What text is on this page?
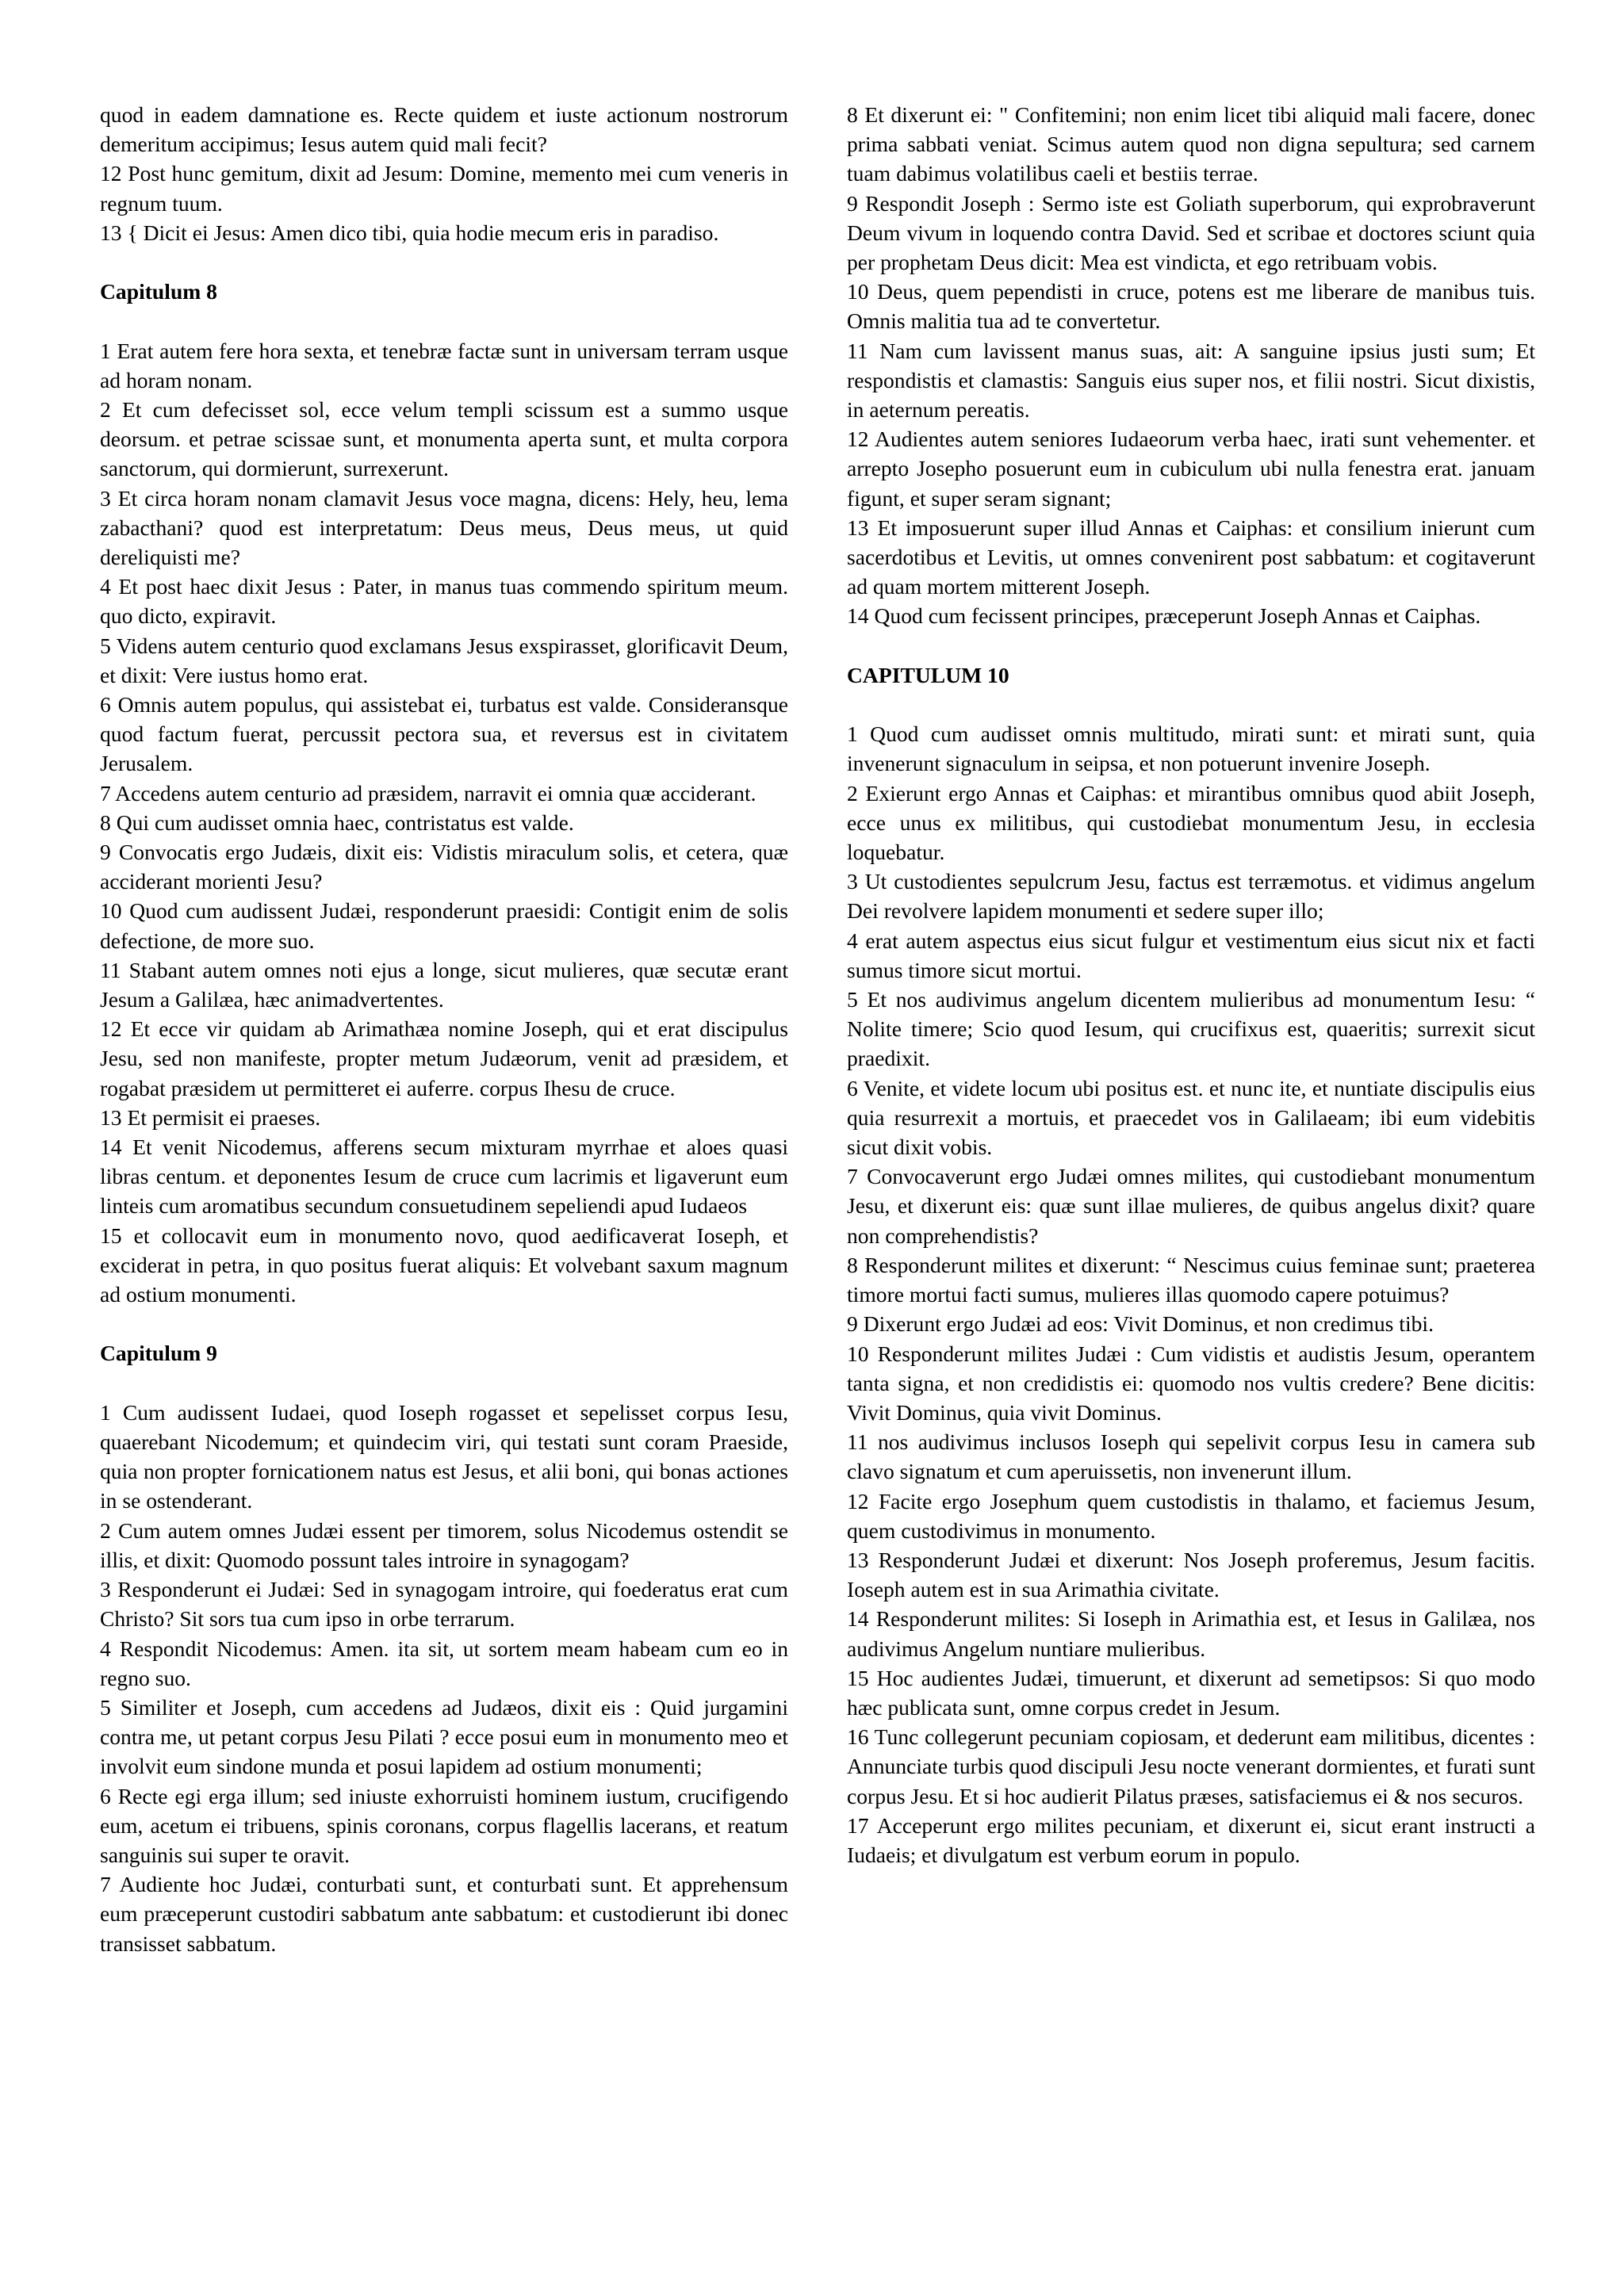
quod in eadem damnatione es. Recte quidem et iuste actionum nostrorum demeritum accipimus; Iesus autem quid mali fecit?

12 Post hunc gemitum, dixit ad Jesum: Domine, memento mei cum veneris in regnum tuum.

13 { Dicit ei Jesus: Amen dico tibi, quia hodie mecum eris in paradiso.

Capitulum 8

1 Erat autem fere hora sexta, et tenebræ factæ sunt in universam terram usque ad horam nonam.

2 Et cum defecisset sol, ecce velum templi scissum est a summo usque deorsum. et petrae scissae sunt, et monumenta aperta sunt, et multa corpora sanctorum, qui dormierunt, surrexerunt.

3 Et circa horam nonam clamavit Jesus voce magna, dicens: Hely, heu, lema zabacthani? quod est interpretatum: Deus meus, Deus meus, ut quid dereliquisti me?

4 Et post haec dixit Jesus : Pater, in manus tuas commendo spiritum meum. quo dicto, expiravit.

5 Videns autem centurio quod exclamans Jesus exspirasset, glorificavit Deum, et dixit: Vere iustus homo erat.

6 Omnis autem populus, qui assistebat ei, turbatus est valde. Consideransque quod factum fuerat, percussit pectora sua, et reversus est in civitatem Jerusalem.

7 Accedens autem centurio ad præsidem, narravit ei omnia quæ acciderant.

8 Qui cum audisset omnia haec, contristatus est valde.

9 Convocatis ergo Judæis, dixit eis: Vidistis miraculum solis, et cetera, quæ acciderant morienti Jesu?

10 Quod cum audissent Judæi, responderunt praesidi: Contigit enim de solis defectione, de more suo.

11 Stabant autem omnes noti ejus a longe, sicut mulieres, quæ secutæ erant Jesum a Galilæa, hæc animadvertentes.

12 Et ecce vir quidam ab Arimathæa nomine Joseph, qui et erat discipulus Jesu, sed non manifeste, propter metum Judæorum, venit ad præsidem, et rogabat præsidem ut permitteret ei auferre. corpus Ihesu de cruce.

13 Et permisit ei praeses.

14 Et venit Nicodemus, afferens secum mixturam myrrhae et aloes quasi libras centum. et deponentes Iesum de cruce cum lacrimis et ligaverunt eum linteis cum aromatibus secundum consuetudinem sepeliendi apud Iudaeos

15 et collocavit eum in monumento novo, quod aedificaverat Ioseph, et exciderat in petra, in quo positus fuerat aliquis: Et volvebant saxum magnum ad ostium monumenti.

Capitulum 9

1 Cum audissent Iudaei, quod Ioseph rogasset et sepelisset corpus Iesu, quaerebant Nicodemum; et quindecim viri, qui testati sunt coram Praeside, quia non propter fornicationem natus est Jesus, et alii boni, qui bonas actiones in se ostenderant.

2 Cum autem omnes Judæi essent per timorem, solus Nicodemus ostendit se illis, et dixit: Quomodo possunt tales introire in synagogam?

3 Responderunt ei Judæi: Sed in synagogam introire, qui foederatus erat cum Christo? Sit sors tua cum ipso in orbe terrarum.

4 Respondit Nicodemus: Amen. ita sit, ut sortem meam habeam cum eo in regno suo.

5 Similiter et Joseph, cum accedens ad Judæos, dixit eis : Quid jurgamini contra me, ut petant corpus Jesu Pilati ? ecce posui eum in monumento meo et involvit eum sindone munda et posui lapidem ad ostium monumenti;

6 Recte egi erga illum; sed iniuste exhorruisti hominem iustum, crucifigendo eum, acetum ei tribuens, spinis coronans, corpus flagellis lacerans, et reatum sanguinis sui super te oravit.

7 Audiente hoc Judæi, conturbati sunt, et conturbati sunt. Et apprehensum eum præceperunt custodiri sabbatum ante sabbatum: et custodierunt ibi donec transisset sabbatum.

8 Et dixerunt ei: " Confitemini; non enim licet tibi aliquid mali facere, donec prima sabbati veniat. Scimus autem quod non digna sepultura; sed carnem tuam dabimus volatilibus caeli et bestiis terrae.

9 Respondit Joseph : Sermo iste est Goliath superborum, qui exprobraverunt Deum vivum in loquendo contra David. Sed et scribae et doctores sciunt quia per prophetam Deus dicit: Mea est vindicta, et ego retribuam vobis.

10 Deus, quem pependisti in cruce, potens est me liberare de manibus tuis. Omnis malitia tua ad te convertetur.

11 Nam cum lavissent manus suas, ait: A sanguine ipsius justi sum; Et respondistis et clamastis: Sanguis eius super nos, et filii nostri. Sicut dixistis, in aeternum pereatis.

12 Audientes autem seniores Iudaeorum verba haec, irati sunt vehementer. et arrepto Josepho posuerunt eum in cubiculum ubi nulla fenestra erat. januam figunt, et super seram signant;

13 Et imposuerunt super illud Annas et Caiphas: et consilium inierunt cum sacerdotibus et Levitis, ut omnes convenirent post sabbatum: et cogitaverunt ad quam mortem mitterent Joseph.

14 Quod cum fecissent principes, præceperunt Joseph Annas et Caiphas.

CAPITULUM 10

1 Quod cum audisset omnis multitudo, mirati sunt: et mirati sunt, quia invenerunt signaculum in seipsa, et non potuerunt invenire Joseph.

2 Exierunt ergo Annas et Caiphas: et mirantibus omnibus quod abiit Joseph, ecce unus ex militibus, qui custodiebat monumentum Jesu, in ecclesia loquebatur.

3 Ut custodientes sepulcrum Jesu, factus est terræmotus. et vidimus angelum Dei revolvere lapidem monumenti et sedere super illo;

4 erat autem aspectus eius sicut fulgur et vestimentum eius sicut nix et facti sumus timore sicut mortui.

5 Et nos audivimus angelum dicentem mulieribus ad monumentum Iesu: “ Nolite timere; Scio quod Iesum, qui crucifixus est, quaeritis; surrexit sicut praedixit.

6 Venite, et videte locum ubi positus est. et nunc ite, et nuntiate discipulis eius quia resurrexit a mortuis, et praecedet vos in Galilaeam; ibi eum videbitis sicut dixit vobis.

7 Convocaverunt ergo Judæi omnes milites, qui custodiebant monumentum Jesu, et dixerunt eis: quæ sunt illae mulieres, de quibus angelus dixit? quare non comprehendistis?

8 Responderunt milites et dixerunt: “ Nescimus cuius feminae sunt; praeterea timore mortui facti sumus, mulieres illas quomodo capere potuimus?

9 Dixerunt ergo Judæi ad eos: Vivit Dominus, et non credimus tibi.

10 Responderunt milites Judæi : Cum vidistis et audistis Jesum, operantem tanta signa, et non credidistis ei: quomodo nos vultis credere? Bene dicitis: Vivit Dominus, quia vivit Dominus.

11 nos audivimus inclusos Ioseph qui sepelivit corpus Iesu in camera sub clavo signatum et cum aperuissetis, non invenerunt illum.

12 Facite ergo Josephum quem custodistis in thalamo, et faciemus Jesum, quem custodivimus in monumento.

13 Responderunt Judæi et dixerunt: Nos Joseph proferemus, Jesum facitis. Ioseph autem est in sua Arimathia civitate.

14 Responderunt milites: Si Ioseph in Arimathia est, et Iesus in Galilæa, nos audivimus Angelum nuntiare mulieribus.

15 Hoc audientes Judæi, timuerunt, et dixerunt ad semetipsos: Si quo modo hæc publicata sunt, omne corpus credet in Jesum.

16 Tunc collegerunt pecuniam copiosam, et dederunt eam militibus, dicentes : Annunciate turbis quod discipuli Jesu nocte venerant dormientes, et furati sunt corpus Jesu. Et si hoc audierit Pilatus præses, satisfaciemus ei & nos securos.

17 Acceperunt ergo milites pecuniam, et dixerunt ei, sicut erant instructi a Iudaeis; et divulgatum est verbum eorum in populo.
